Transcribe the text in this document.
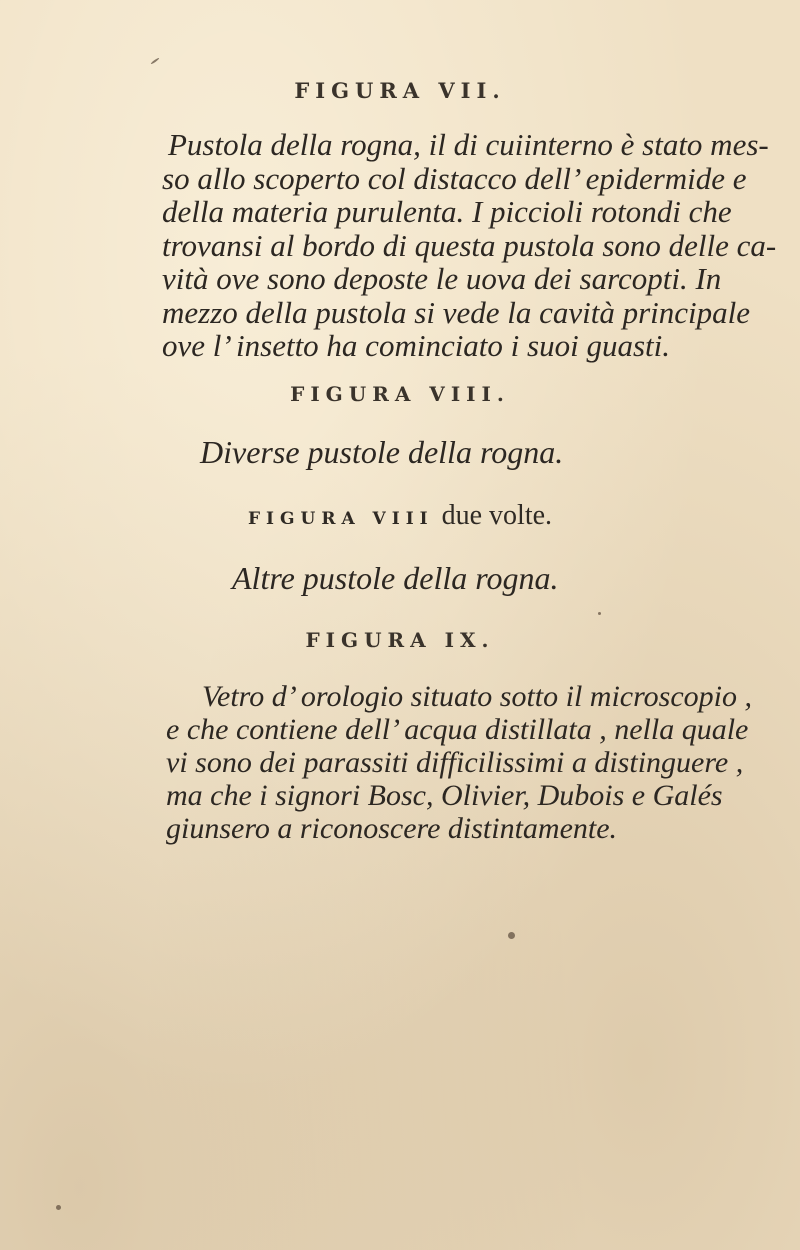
FIGURA VII.
Pustola della rogna, il di cuiinterno è stato mes-
so allo scoperto col distacco dell’ epidermide e
della materia purulenta. I piccioli rotondi che
trovansi al bordo di questa pustola sono delle ca-
vità ove sono deposte le uova dei sarcopti. In
mezzo della pustola si vede la cavità principale
ove l’ insetto ha cominciato i suoi guasti.
FIGURA VIII.
Diverse pustole della rogna.
FIGURA VIII due volte.
Altre pustole della rogna.
FIGURA IX.
Vetro d’ orologio situato sotto il microscopio ,
e che contiene dell’ acqua distillata , nella quale
vi sono dei parassiti difficilissimi a distinguere ,
ma che i signori Bosc, Olivier, Dubois e Galés
giunsero a riconoscere distintamente.
